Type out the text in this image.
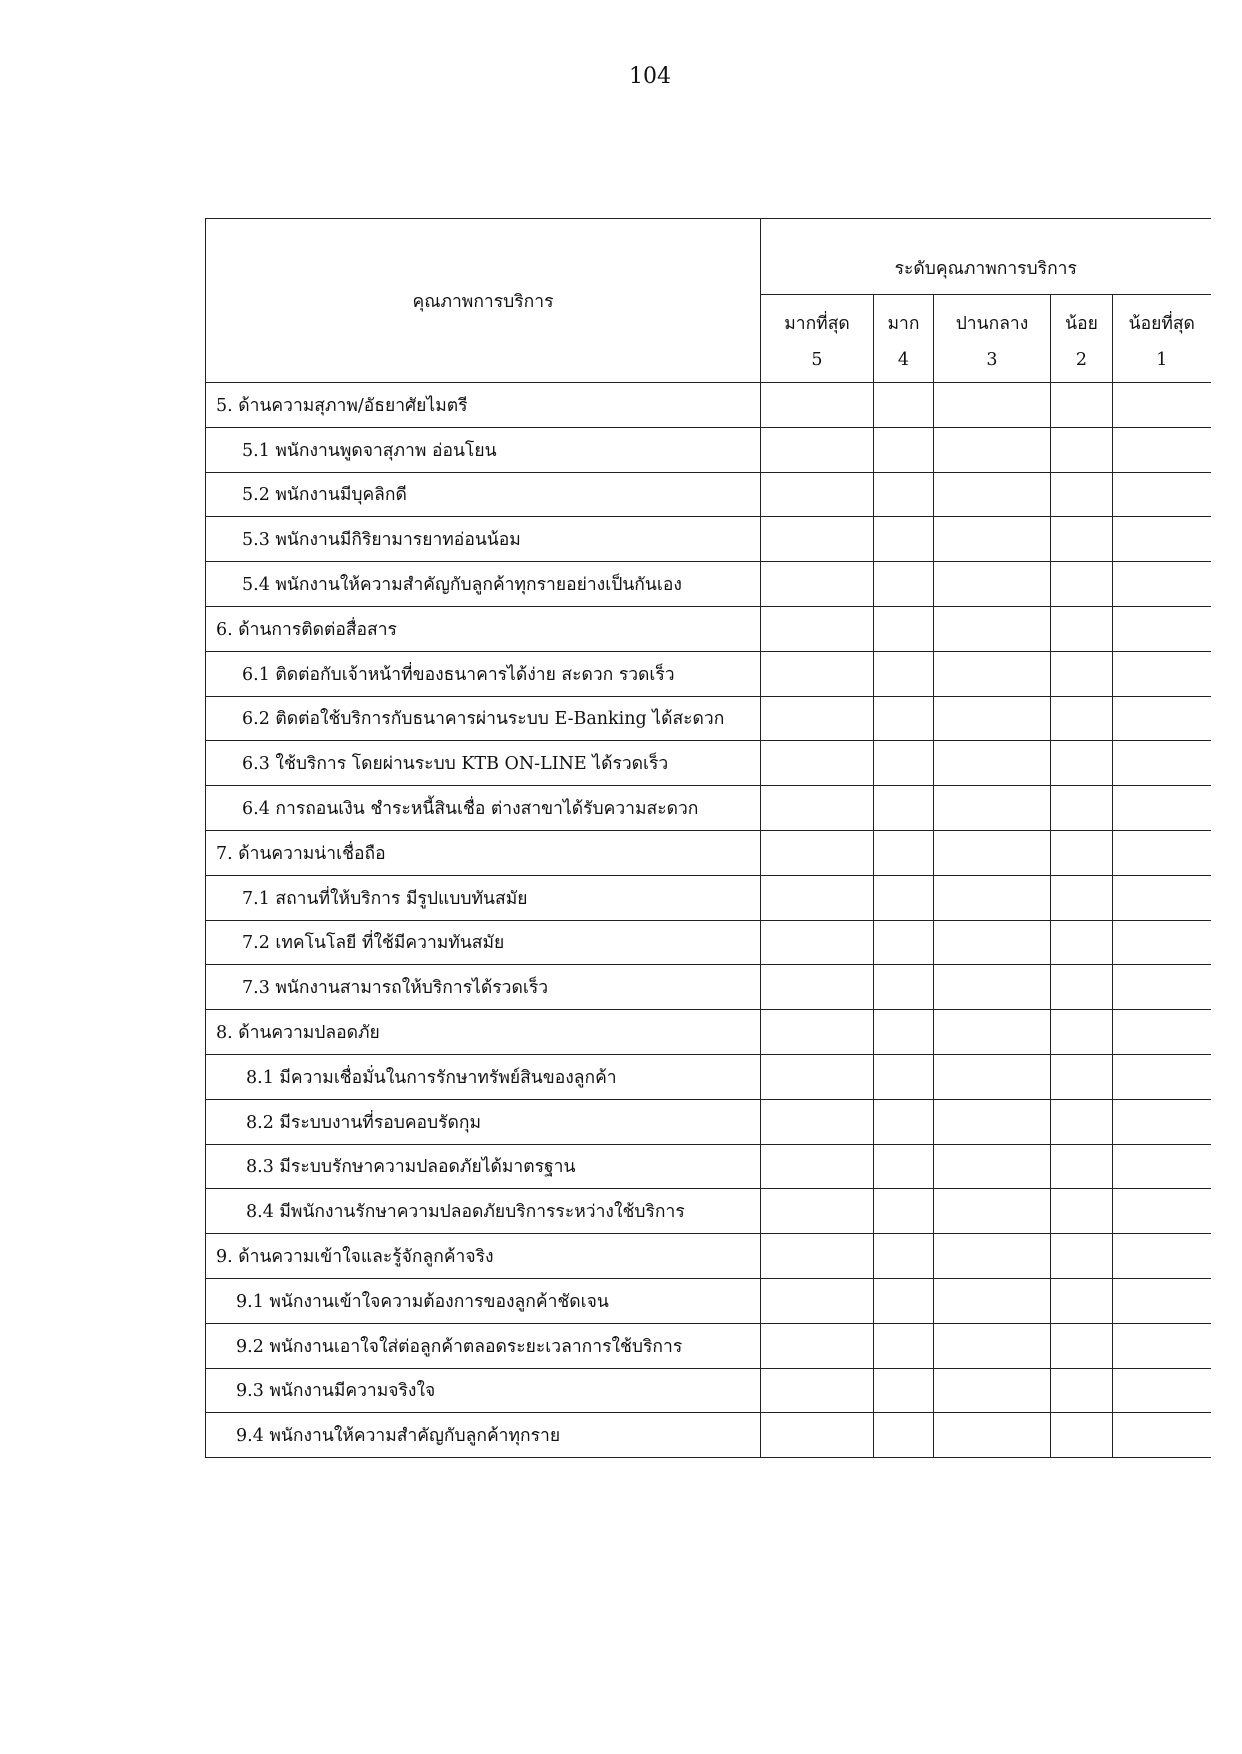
104
คุณภาพการบริการ	ระดับคุณภาพการบริการ				
	มากที่สุด	มาก	ปานกลาง	น้อย	น้อยที่สุด
	5	4	3	2	1
5. ด้านความสุภาพ/อัธยาศัยไมตรี					
5.1 พนักงานพูดจาสุภาพ อ่อนโยน					
5.2 พนักงานมีบุคลิกดี					
5.3 พนักงานมีกิริยามารยาทอ่อนน้อม					
5.4 พนักงานให้ความสำคัญกับลูกค้าทุกรายอย่างเป็นกันเอง					
6. ด้านการติดต่อสื่อสาร					
6.1 ติดต่อกับเจ้าหน้าที่ของธนาคารได้ง่าย สะดวก รวดเร็ว					
6.2 ติดต่อใช้บริการกับธนาคารผ่านระบบ E-Banking ได้สะดวก					
6.3 ใช้บริการ โดยผ่านระบบ KTB ON-LINE ได้รวดเร็ว					
6.4 การถอนเงิน ชำระหนี้สินเชื่อ ต่างสาขาได้รับความสะดวก					
7. ด้านความน่าเชื่อถือ					
7.1 สถานที่ให้บริการ มีรูปแบบทันสมัย					
7.2 เทคโนโลยี ที่ใช้มีความทันสมัย					
7.3 พนักงานสามารถให้บริการได้รวดเร็ว					
8. ด้านความปลอดภัย					
8.1 มีความเชื่อมั่นในการรักษาทรัพย์สินของลูกค้า					
8.2 มีระบบงานที่รอบคอบรัดกุม					
8.3 มีระบบรักษาความปลอดภัยได้มาตรฐาน					
8.4 มีพนักงานรักษาความปลอดภัยบริการระหว่างใช้บริการ					
9. ด้านความเข้าใจและรู้จักลูกค้าจริง					
9.1 พนักงานเข้าใจความต้องการของลูกค้าชัดเจน					
9.2 พนักงานเอาใจใส่ต่อลูกค้าตลอดระยะเวลาการใช้บริการ					
9.3 พนักงานมีความจริงใจ					
9.4 พนักงานให้ความสำคัญกับลูกค้าทุกราย					
